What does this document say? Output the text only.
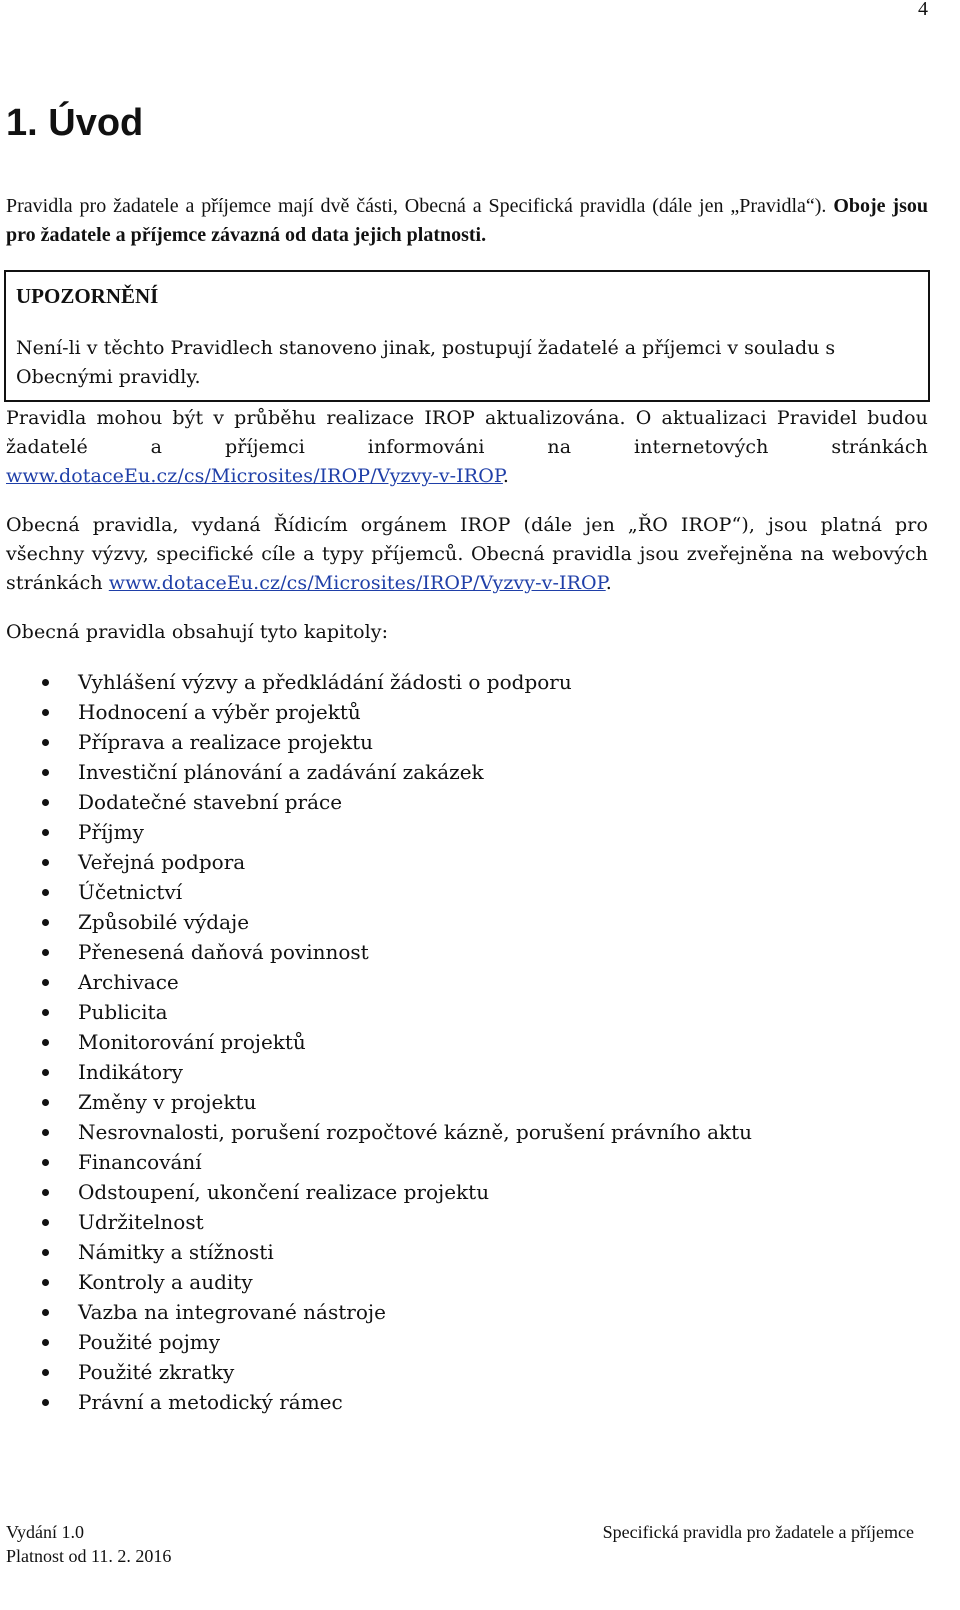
4
1. Úvod

Pravidla pro žadatele a příjemce mají dvě části, Obecná a Specifická pravidla (dále jen „Pravidla“). Oboje jsou pro žadatele a příjemce závazná od data jejich platnosti.

UPOZORNĚNÍ

Není-li v těchto Pravidlech stanoveno jinak, postupují žadatelé a příjemci v souladu s Obecnými pravidly.

Pravidla mohou být v průběhu realizace IROP aktualizována. O aktualizaci Pravidel budou žadatelé a příjemci informováni na internetových stránkách www.dotaceEu.cz/cs/Microsites/IROP/Vyzvy-v-IROP.

Obecná pravidla, vydaná Řídicím orgánem IROP (dále jen „ŘO IROP“), jsou platná pro všechny výzvy, specifické cíle a typy příjemců. Obecná pravidla jsou zveřejněna na webových stránkách www.dotaceEu.cz/cs/Microsites/IROP/Vyzvy-v-IROP.

Obecná pravidla obsahují tyto kapitoly:

Vyhlášení výzvy a předkládání žádosti o podporu
Hodnocení a výběr projektů
Příprava a realizace projektu
Investiční plánování a zadávání zakázek
Dodatečné stavební práce
Příjmy
Veřejná podpora
Účetnictví
Způsobilé výdaje
Přenesená daňová povinnost
Archivace
Publicita
Monitorování projektů
Indikátory
Změny v projektu
Nesrovnalosti, porušení rozpočtové kázně, porušení právního aktu
Financování
Odstoupení, ukončení realizace projektu
Udržitelnost
Námitky a stížnosti
Kontroly a audity
Vazba na integrované nástroje
Použité pojmy
Použité zkratky
Právní a metodický rámec
Vydání 1.0
Platnost od 11. 2. 2016
Specifická pravidla pro žadatele a příjemce
